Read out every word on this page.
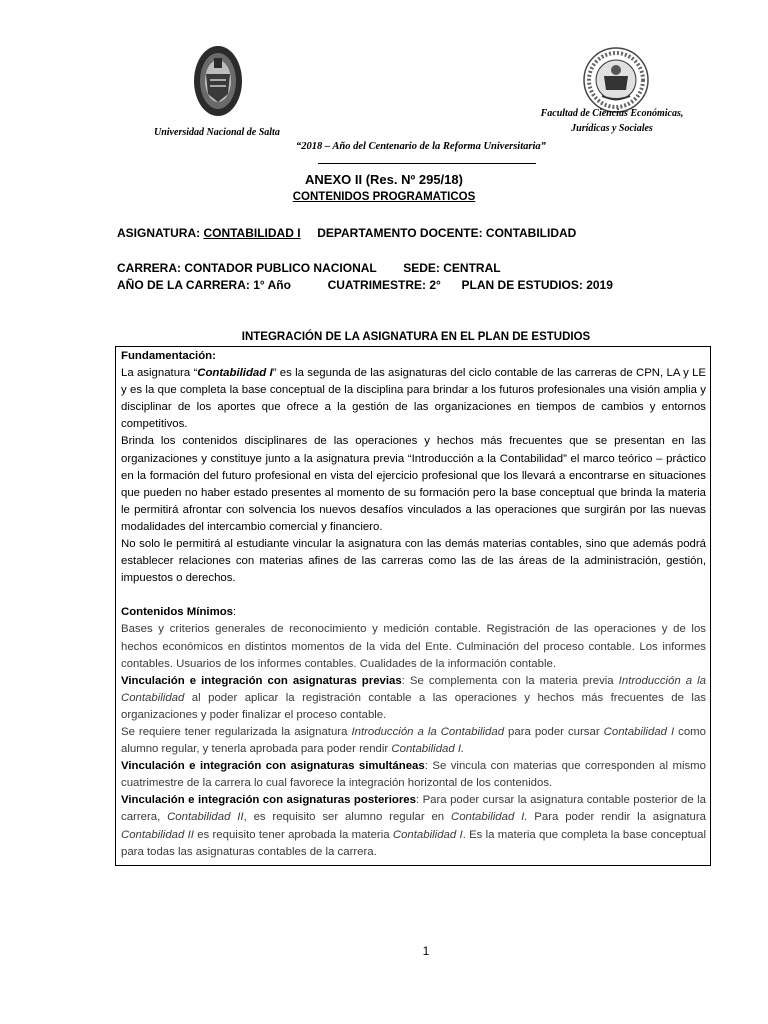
Universidad Nacional de Salta
Facultad de Ciencias Económicas,
Jurídicas y Sociales
“2018 – Año del Centenario de la Reforma Universitaria”
ANEXO II (Res. Nº 295/18)
CONTENIDOS PROGRAMATICOS
ASIGNATURA: CONTABILIDAD I DEPARTAMENTO DOCENTE: CONTABILIDAD
CARRERA: CONTADOR PUBLICO NACIONAL SEDE: CENTRAL
AÑO DE LA CARRERA: 1° Año	CUATRIMESTRE: 2° PLAN DE ESTUDIOS: 2019
INTEGRACIÓN DE LA ASIGNATURA EN EL PLAN DE ESTUDIOS

Fundamentación:

La asignatura “Contabilidad I” es la segunda de las asignaturas del ciclo contable de las carreras de CPN, LA y LE y es la que completa la base conceptual de la disciplina para brindar a los futuros profesionales una visión amplia y disciplinar de los aportes que ofrece a la gestión de las organizaciones en tiempos de cambios y entornos competitivos.

Brinda los contenidos disciplinares de las operaciones y hechos más frecuentes que se presentan en las organizaciones y constituye junto a la asignatura previa “Introducción a la Contabilidad” el marco teórico – práctico en la formación del futuro profesional en vista del ejercicio profesional que los llevará a encontrarse en situaciones que pueden no haber estado presentes al momento de su formación pero la base conceptual que brinda la materia le permitirá afrontar con solvencia los nuevos desafíos vinculados a las operaciones que surgirán por las nuevas modalidades del intercambio comercial y financiero.

No solo le permitirá al estudiante vincular la asignatura con las demás materias contables, sino que además podrá establecer relaciones con materias afines de las carreras como las de las áreas de la administración, gestión, impuestos o derechos.

Contenidos Mínimos:

Bases y criterios generales de reconocimiento y medición contable. Registración de las operaciones y de los hechos económicos en distintos momentos de la vida del Ente. Culminación del proceso contable. Los informes contables. Usuarios de los informes contables. Cualidades de la información contable.

Vinculación e integración con asignaturas previas: Se complementa con la materia previa Introducción a la Contabilidad al poder aplicar la registración contable a las operaciones y hechos más frecuentes de las organizaciones y poder finalizar el proceso contable.

Se requiere tener regularizada la asignatura Introducción a la Contabilidad para poder cursar Contabilidad I como alumno regular, y tenerla aprobada para poder rendir Contabilidad I.

Vinculación e integración con asignaturas simultáneas: Se vincula con materias que corresponden al mismo cuatrimestre de la carrera lo cual favorece la integración horizontal de los contenidos.

Vinculación e integración con asignaturas posteriores: Para poder cursar la asignatura contable posterior de la carrera, Contabilidad II, es requisito ser alumno regular en Contabilidad I. Para poder rendir la asignatura Contabilidad II es requisito tener aprobada la materia Contabilidad I. Es la materia que completa la base conceptual para todas las asignaturas contables de la carrera.

1
